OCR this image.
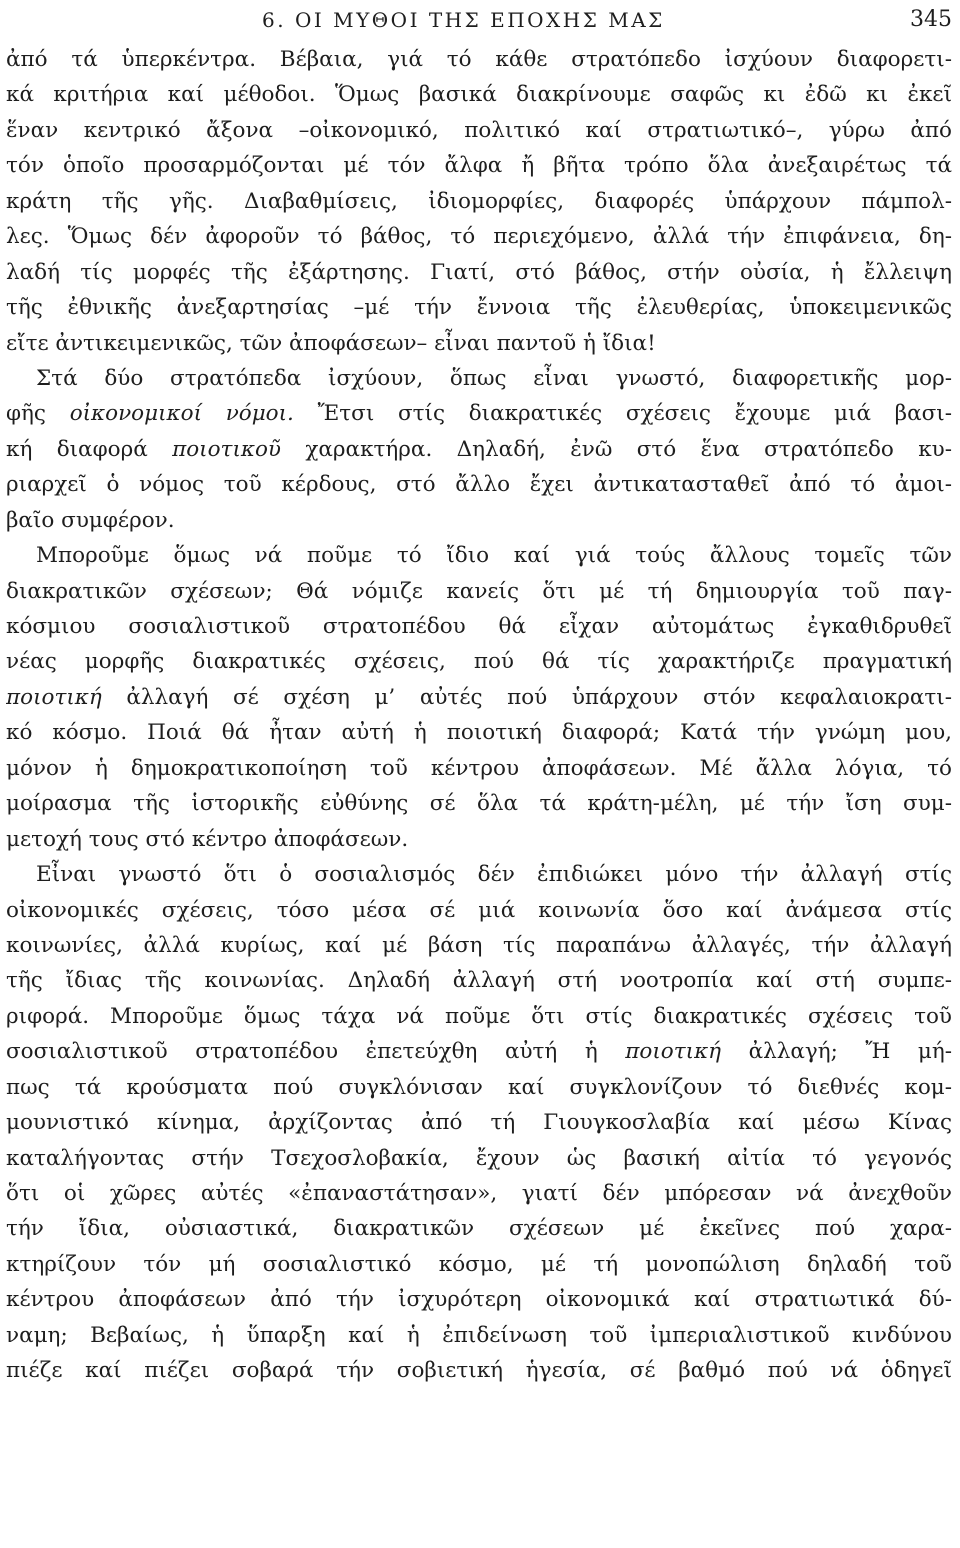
6. ΟΙ ΜΥΘΟΙ ΤΗΣ ΕΠΟΧΗΣ ΜΑΣ	345
ἀπό τά ὑπερκέντρα. Βέβαια, γιά τό κάθε στρατόπεδο ἰσχύουν διαφορετι-
κά κριτήρια καί μέθοδοι. Ὅμως βασικά διακρίνουμε σαφῶς κι ἐδῶ κι ἐκεῖ
ἕναν κεντρικό ἄξονα –οἰκονομικό, πολιτικό καί στρατιωτικό–, γύρω ἀπό
τόν ὁποῖο προσαρμόζονται μέ τόν ἄλφα ἤ βῆτα τρόπο ὅλα ἀνεξαιρέτως τά
κράτη τῆς γῆς. Διαβαθμίσεις, ἰδιομορφίες, διαφορές ὑπάρχουν πάμπολ-
λες. Ὅμως δέν ἀφοροῦν τό βάθος, τό περιεχόμενο, ἀλλά τήν ἐπιφάνεια, δη-
λαδή τίς μορφές τῆς ἐξάρτησης. Γιατί, στό βάθος, στήν οὐσία, ἡ ἔλλειψη
τῆς ἐθνικῆς ἀνεξαρτησίας –μέ τήν ἔννοια τῆς ἐλευθερίας, ὑποκειμενικῶς
εἴτε ἀντικειμενικῶς, τῶν ἀποφάσεων– εἶναι παντοῦ ἡ ἴδια!
Στά δύο στρατόπεδα ἰσχύουν, ὅπως εἶναι γνωστό, διαφορετικῆς μορ-
φῆς οἰκονομικοί νόμοι. Ἔτσι στίς διακρατικές σχέσεις ἔχουμε μιά βασι-
κή διαφορά ποιοτικοῦ χαρακτήρα. Δηλαδή, ἐνῶ στό ἕνα στρατόπεδο κυ-
ριαρχεῖ ὁ νόμος τοῦ κέρδους, στό ἄλλο ἔχει ἀντικατασταθεῖ ἀπό τό ἀμοι-
βαῖο συμφέρον.
Μποροῦμε ὅμως νά ποῦμε τό ἴδιο καί γιά τούς ἄλλους τομεῖς τῶν
διακρατικῶν σχέσεων; Θά νόμιζε κανείς ὅτι μέ τή δημιουργία τοῦ παγ-
κόσμιου σοσιαλιστικοῦ στρατοπέδου θά εἶχαν αὐτομάτως ἐγκαθιδρυθεῖ
νέας μορφῆς διακρατικές σχέσεις, πού θά τίς χαρακτήριζε πραγματική
ποιοτική ἀλλαγή σέ σχέση μ’ αὐτές πού ὑπάρχουν στόν κεφαλαιοκρατι-
κό κόσμο. Ποιά θά ἦταν αὐτή ἡ ποιοτική διαφορά; Κατά τήν γνώμη μου,
μόνον ἡ δημοκρατικοποίηση τοῦ κέντρου ἀποφάσεων. Μέ ἄλλα λόγια, τό
μοίρασμα τῆς ἱστορικῆς εὐθύνης σέ ὅλα τά κράτη-μέλη, μέ τήν ἴση συμ-
μετοχή τους στό κέντρο ἀποφάσεων.
Εἶναι γνωστό ὅτι ὁ σοσιαλισμός δέν ἐπιδιώκει μόνο τήν ἀλλαγή στίς
οἰκονομικές σχέσεις, τόσο μέσα σέ μιά κοινωνία ὅσο καί ἀνάμεσα στίς
κοινωνίες, ἀλλά κυρίως, καί μέ βάση τίς παραπάνω ἀλλαγές, τήν ἀλλαγή
τῆς ἴδιας τῆς κοινωνίας. Δηλαδή ἀλλαγή στή νοοτροπία καί στή συμπε-
ριφορά. Μποροῦμε ὅμως τάχα νά ποῦμε ὅτι στίς διακρατικές σχέσεις τοῦ
σοσιαλιστικοῦ στρατοπέδου ἐπετεύχθη αὐτή ἡ ποιοτική ἀλλαγή; Ἤ μή-
πως τά κρούσματα πού συγκλόνισαν καί συγκλονίζουν τό διεθνές κομ-
μουνιστικό κίνημα, ἀρχίζοντας ἀπό τή Γιουγκοσλαβία καί μέσω Κίνας
καταλήγοντας στήν Τσεχοσλοβακία, ἔχουν ὡς βασική αἰτία τό γεγονός
ὅτι οἱ χῶρες αὐτές «ἐπαναστάτησαν», γιατί δέν μπόρεσαν νά ἀνεχθοῦν
τήν ἴδια, οὐσιαστικά, διακρατικῶν σχέσεων μέ ἐκεῖνες πού χαρα-
κτηρίζουν τόν μή σοσιαλιστικό κόσμο, μέ τή μονοπώλιση δηλαδή τοῦ
κέντρου ἀποφάσεων ἀπό τήν ἰσχυρότερη οἰκονομικά καί στρατιωτικά δύ-
ναμη; Βεβαίως, ἡ ὕπαρξη καί ἡ ἐπιδείνωση τοῦ ἰμπεριαλιστικοῦ κινδύνου
πιέζε καί πιέζει σοβαρά τήν σοβιετική ἡγεσία, σέ βαθμό πού νά ὁδηγεῖ
